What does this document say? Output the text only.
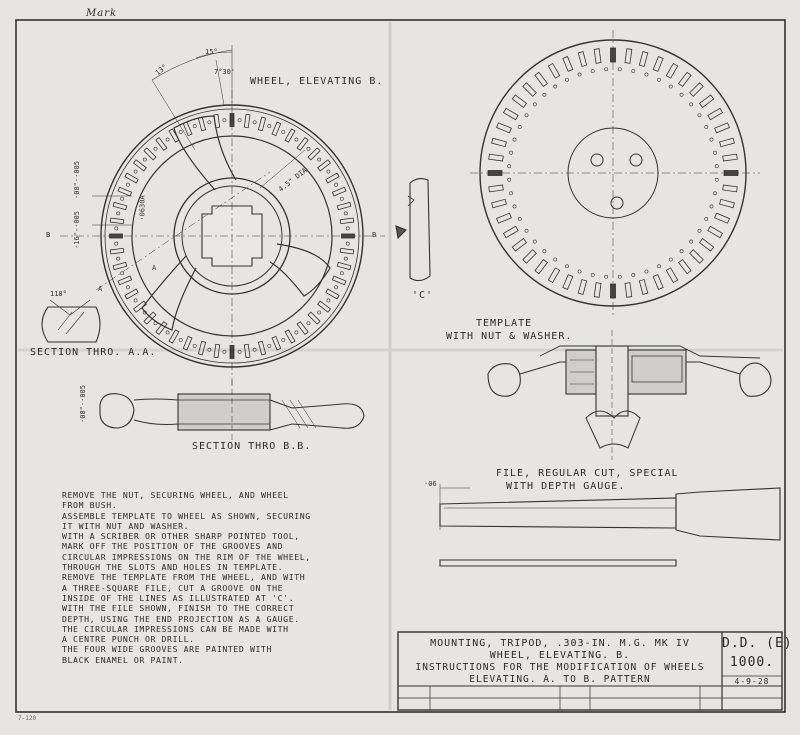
Mark
WHEEL, ELEVATING B.
TEMPLATE
WITH NUT & WASHER.
SECTION THRO. A.A.
SECTION THRO B.B.
'C'
FILE, REGULAR CUT, SPECIAL
WITH DEPTH GAUGE.
13°
15°
7°30'
4.5" DIA
·08"-·005
·16"-·005
·0630A
·08"-·005
118°
·06
A
A
B	B
REMOVE THE NUT, SECURING WHEEL, AND WHEEL
FROM BUSH.
ASSEMBLE TEMPLATE TO WHEEL AS SHOWN, SECURING
IT WITH NUT AND WASHER.
WITH A SCRIBER OR OTHER SHARP POINTED TOOL,
MARK OFF THE POSITION OF THE GROOVES AND
CIRCULAR IMPRESSIONS ON THE RIM OF THE WHEEL,
THROUGH THE SLOTS AND HOLES IN TEMPLATE.
REMOVE THE TEMPLATE FROM THE WHEEL, AND WITH
A THREE-SQUARE FILE, CUT A GROOVE ON THE
INSIDE OF THE LINES AS ILLUSTRATED AT 'C'.
WITH THE FILE SHOWN, FINISH TO THE CORRECT
DEPTH, USING THE END PROJECTION AS A GAUGE.
THE CIRCULAR IMPRESSIONS CAN BE MADE WITH
A CENTRE PUNCH OR DRILL.
THE FOUR WIDE GROOVES ARE PAINTED WITH
BLACK ENAMEL OR PAINT.
MOUNTING, TRIPOD, .303-IN. M.G. MK IV
WHEEL, ELEVATING. B.
INSTRUCTIONS FOR THE MODIFICATION OF WHEELS
ELEVATING. A. TO B. PATTERN
D.D. (E)
1000.
4-9-28
7-120
